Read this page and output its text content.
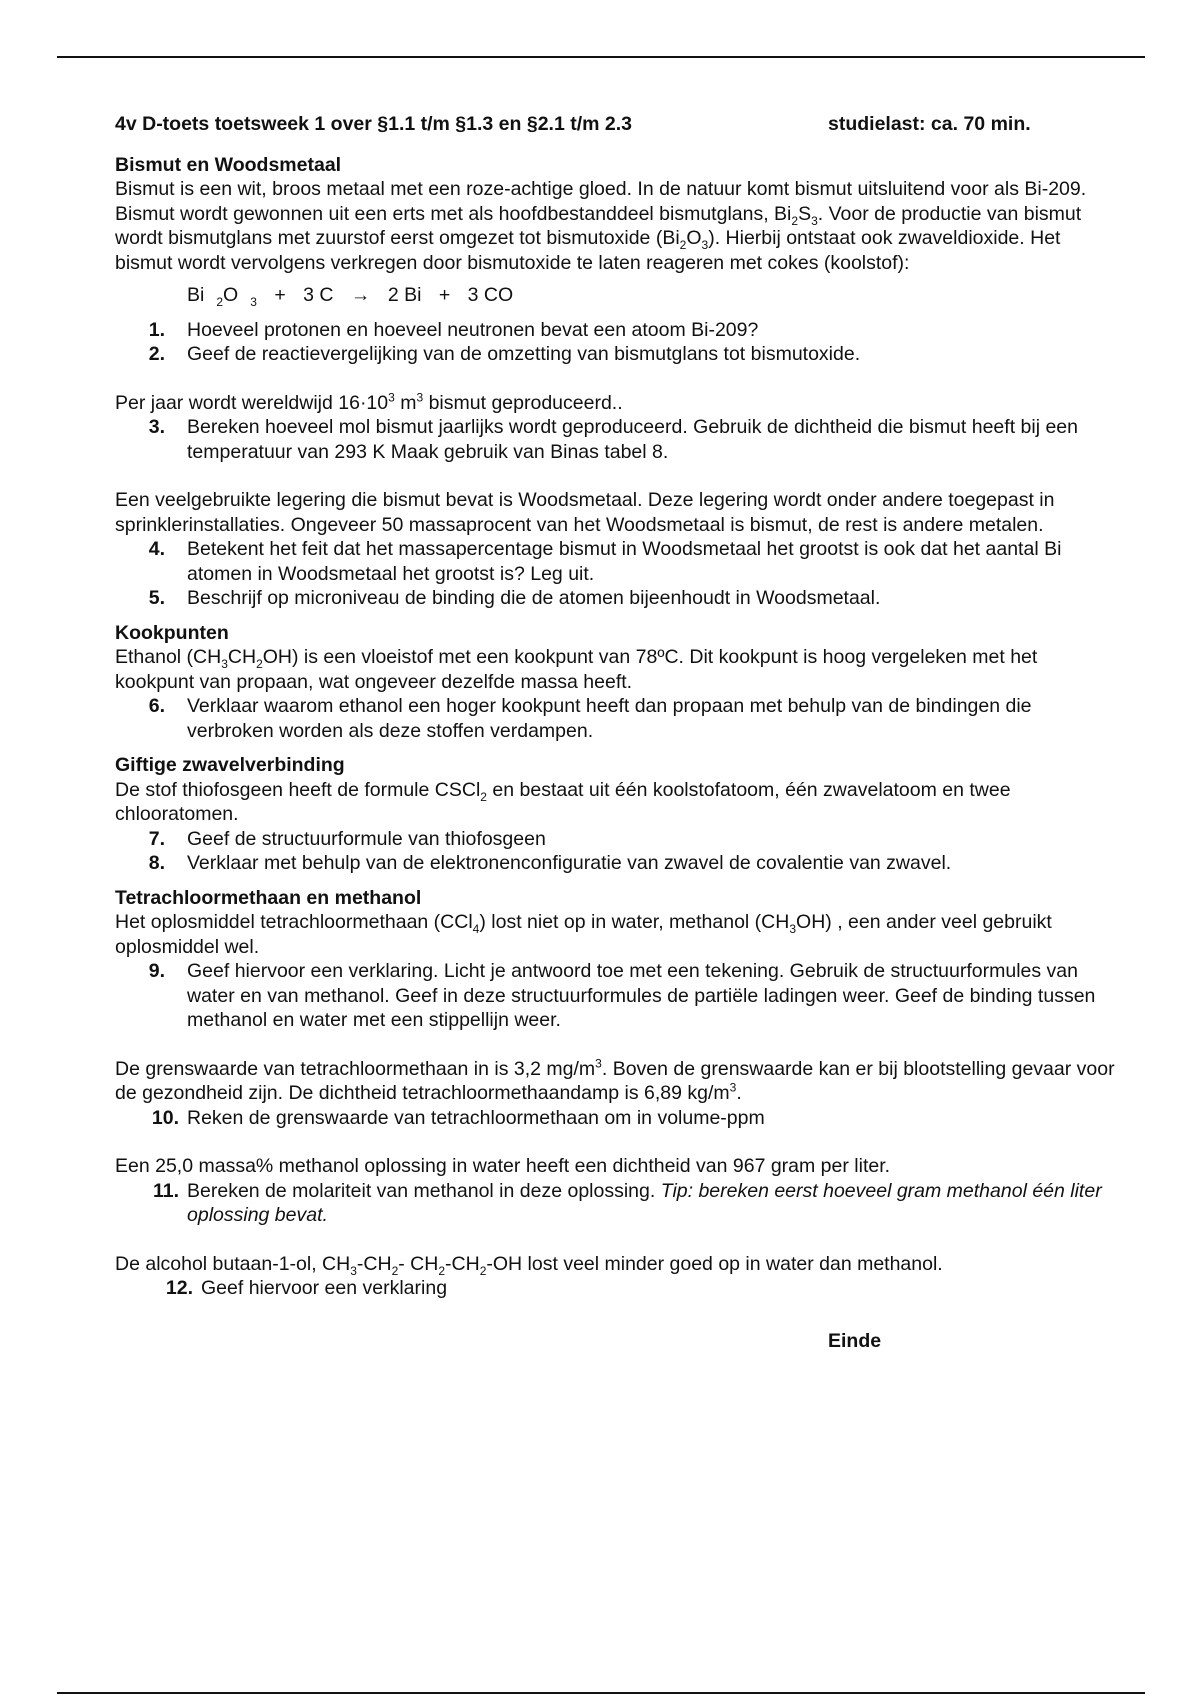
4v D-toets toetsweek 1 over §1.1 t/m §1.3 en §2.1 t/m 2.3	studielast: ca. 70 min.
Bismut en Woodsmetaal

Bismut is een wit, broos metaal met een roze-achtige gloed. In de natuur komt bismut uitsluitend voor als Bi-209. Bismut wordt gewonnen uit een erts met als hoofdbestanddeel bismutglans, $Bi_2S_3$. Voor de productie van bismut wordt bismutglans met zuurstof eerst omgezet tot bismutoxide $(Bi_2O_3)$. Hierbij ontstaat ook zwaveldioxide. Het bismut wordt vervolgens verkregen door bismutoxide te laten reageren met cokes (koolstof):

Bi $_2$O $_3$ + 3 C → 2 Bi + 3 CO
1.	Hoeveel protonen en hoeveel neutronen bevat een atoom Bi-209?
2.	Geef de reactievergelijking van de omzetting van bismutglans tot bismutoxide.

Per jaar wordt wereldwijd $16\cdot 10^3$ $m^3$ bismut geproduceerd..

3.	Bereken hoeveel mol bismut jaarlijks wordt geproduceerd. Gebruik de dichtheid die bismut heeft bij een temperatuur van 293 K Maak gebruik van Binas tabel 8.

Een veelgebruikte legering die bismut bevat is Woodsmetaal. Deze legering wordt onder andere toegepast in sprinklerinstallaties. Ongeveer 50 massaprocent van het Woodsmetaal is bismut, de rest is andere metalen.

4.	Betekent het feit dat het massapercentage bismut in Woodsmetaal het grootst is ook dat het aantal Bi atomen in Woodsmetaal het grootst is? Leg uit.
5.	Beschrijf op microniveau de binding die de atomen bijeenhoudt in Woodsmetaal.
Kookpunten

Ethanol $(CH_3CH_2OH)$ is een vloeistof met een kookpunt van 78ºC. Dit kookpunt is hoog vergeleken met het kookpunt van propaan, wat ongeveer dezelfde massa heeft.

6.	Verklaar waarom ethanol een hoger kookpunt heeft dan propaan met behulp van de bindingen die verbroken worden als deze stoffen verdampen.
Giftige zwavelverbinding

De stof thiofosgeen heeft de formule CSCl$_2$ en bestaat uit één koolstofatoom, één zwavelatoom en twee chlooratomen.

7.	Geef de structuurformule van thiofosgeen
8.	Verklaar met behulp van de elektronenconfiguratie van zwavel de covalentie van zwavel.
Tetrachloormethaan en methanol

Het oplosmiddel tetrachloormethaan (CCl$_4$) lost niet op in water, methanol $(CH_3OH)$ , een ander veel gebruikt oplosmiddel wel.

9.	Geef hiervoor een verklaring. Licht je antwoord toe met een tekening. Gebruik de structuurformules van water en van methanol. Geef in deze structuurformules de partiële ladingen weer. Geef de binding tussen methanol en water met een stippellijn weer.

De grenswaarde van tetrachloormethaan in is 3,2 $mg/m^3$. Boven de grenswaarde kan er bij blootstelling gevaar voor de gezondheid zijn. De dichtheid tetrachloormethaandamp is 6,89 $kg/m^3$.

10. Reken de grenswaarde van tetrachloormethaan om in volume-ppm

Een 25,0 massa% methanol oplossing in water heeft een dichtheid van 967 gram per liter.

11. Bereken de molariteit van methanol in deze oplossing. Tip: bereken eerst hoeveel gram methanol één liter oplossing bevat.

De alcohol butaan-1-ol, $CH_3-CH_2-$ $CH_2-CH_2-OH$ lost veel minder goed op in water dan methanol.

12. Geef hiervoor een verklaring
Einde
